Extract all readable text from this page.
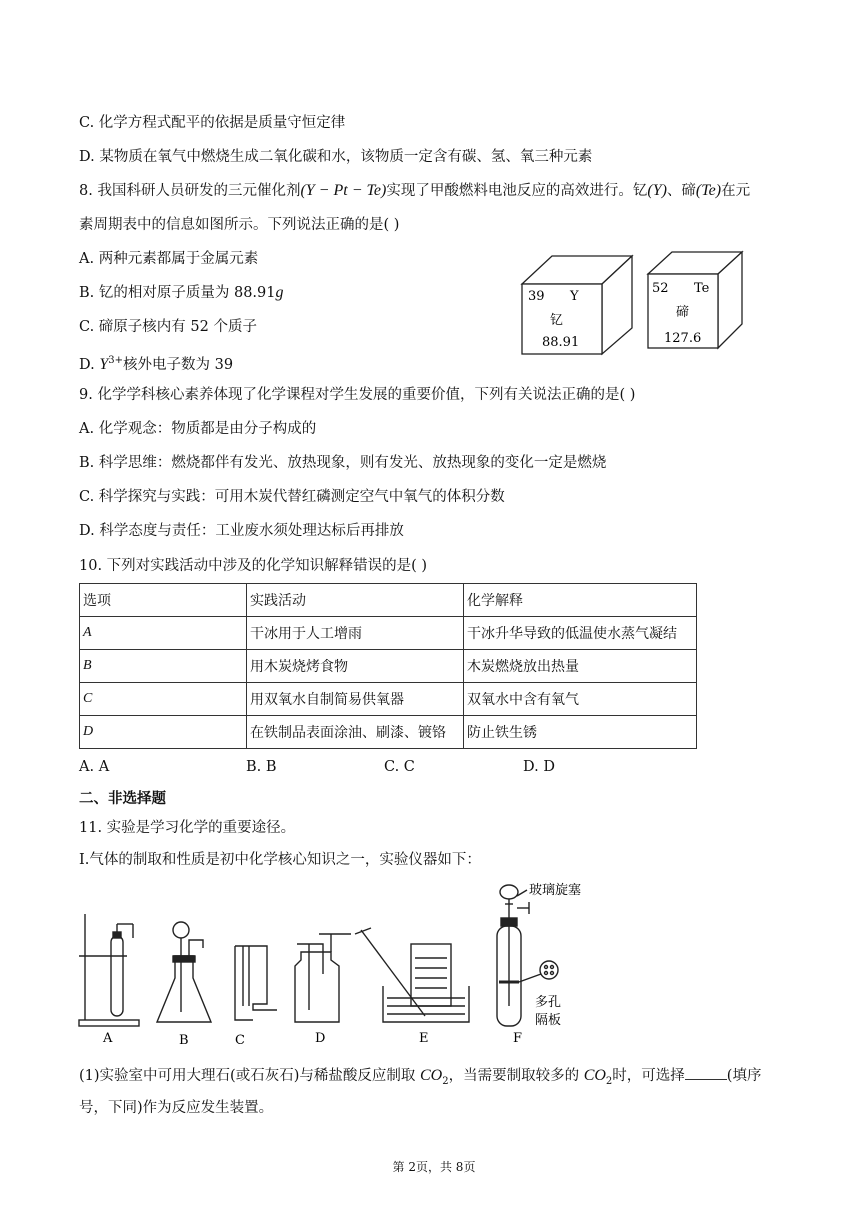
C. 化学方程式配平的依据是质量守恒定律
D. 某物质在氧气中燃烧生成二氧化碳和水，该物质一定含有碳、氢、氧三种元素
8. 我国科研人员研发的三元催化剂(Y − Pt − Te)实现了甲酸燃料电池反应的高效进行。钇(Y)、碲(Te)在元
素周期表中的信息如图所示。下列说法正确的是( )
A. 两种元素都属于金属元素
B. 钇的相对原子质量为 88.91g
C. 碲原子核内有 52 个质子
D. $Y^{3+}$核外电子数为 39
39 Y
钇
88.91
52 Te
碲
127.6
9. 化学学科核心素养体现了化学课程对学生发展的重要价值，下列有关说法正确的是( )
A. 化学观念：物质都是由分子构成的
B. 科学思维：燃烧都伴有发光、放热现象，则有发光、放热现象的变化一定是燃烧
C. 科学探究与实践：可用木炭代替红磷测定空气中氧气的体积分数
D. 科学态度与责任：工业废水须处理达标后再排放
10. 下列对实践活动中涉及的化学知识解释错误的是( )
选项	实践活动	化学解释
A	干冰用于人工增雨	干冰升华导致的低温使水蒸气凝结
B	用木炭烧烤食物	木炭燃烧放出热量
C	用双氧水自制简易供氧器	双氧水中含有氧气
D	在铁制品表面涂油、刷漆、镀铬	防止铁生锈
A. A	B. B	C. C	D. D
二、非选择题
11. 实验是学习化学的重要途径。
Ⅰ.气体的制取和性质是初中化学核心知识之一，实验仪器如下：
A	B	C	D	E	F
玻璃旋塞
多孔
隔板
(1)实验室中可用大理石(或石灰石)与稀盐酸反应制取 $CO_2$，当需要制取较多的 $CO_2$时，可选择	(填序
号，下同)作为反应发生装置。
第 2页，共 8页
